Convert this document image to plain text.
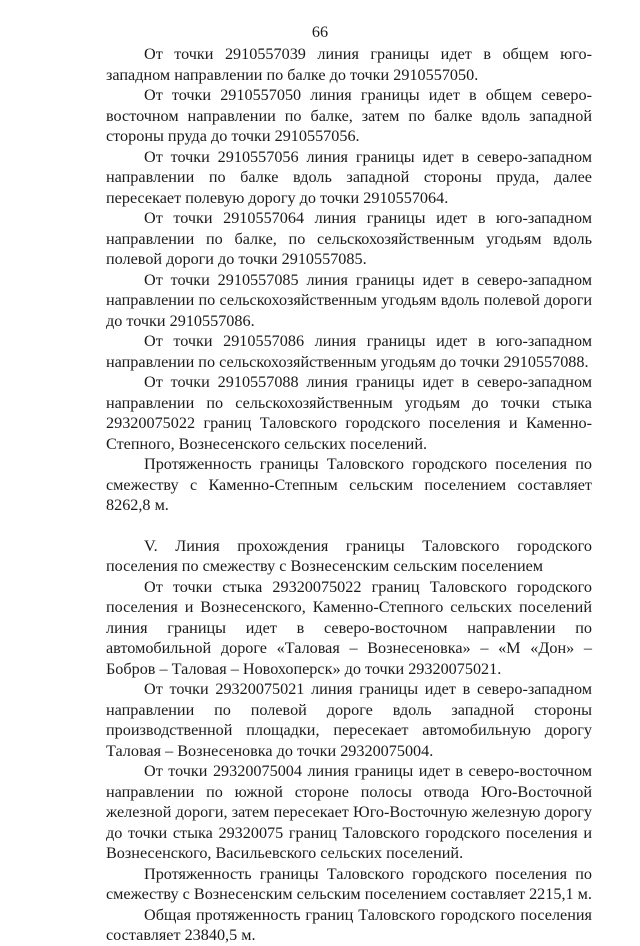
66

От точки 2910557039 линия границы идет в общем юго-западном направлении по балке до точки 2910557050.

От точки 2910557050 линия границы идет в общем северо-восточном направлении по балке, затем по балке вдоль западной стороны пруда до точки 2910557056.

От точки 2910557056 линия границы идет в северо-западном направлении по балке вдоль западной стороны пруда, далее пересекает полевую дорогу до точки 2910557064.

От точки 2910557064 линия границы идет в юго-западном направлении по балке, по сельскохозяйственным угодьям вдоль полевой дороги до точки 2910557085.

От точки 2910557085 линия границы идет в северо-западном направлении по сельскохозяйственным угодьям вдоль полевой дороги до точки 2910557086.

От точки 2910557086 линия границы идет в юго-западном направлении по сельскохозяйственным угодьям до точки 2910557088.

От точки 2910557088 линия границы идет в северо-западном направлении по сельскохозяйственным угодьям до точки стыка 29320075022 границ Таловского городского поселения и Каменно-Степного, Вознесенского сельских поселений.

Протяженность границы Таловского городского поселения по смежеству с Каменно-Степным сельским поселением составляет 8262,8 м.

V. Линия прохождения границы Таловского городского поселения по смежеству с Вознесенским сельским поселением

От точки стыка 29320075022 границ Таловского городского поселения и Вознесенского, Каменно-Степного сельских поселений линия границы идет в северо-восточном направлении по автомобильной дороге «Таловая – Вознесеновка» – «М «Дон» – Бобров – Таловая – Новохоперск» до точки 29320075021.

От точки 29320075021 линия границы идет в северо-западном направлении по полевой дороге вдоль западной стороны производственной площадки, пересекает автомобильную дорогу Таловая – Вознесеновка до точки 29320075004.

От точки 29320075004 линия границы идет в северо-восточном направлении по южной стороне полосы отвода Юго-Восточной железной дороги, затем пересекает Юго-Восточную железную дорогу до точки стыка 29320075 границ Таловского городского поселения и Вознесенского, Васильевского сельских поселений.

Протяженность границы Таловского городского поселения по смежеству с Вознесенским сельским поселением составляет 2215,1 м.

Общая протяженность границ Таловского городского поселения составляет 23840,5 м.
